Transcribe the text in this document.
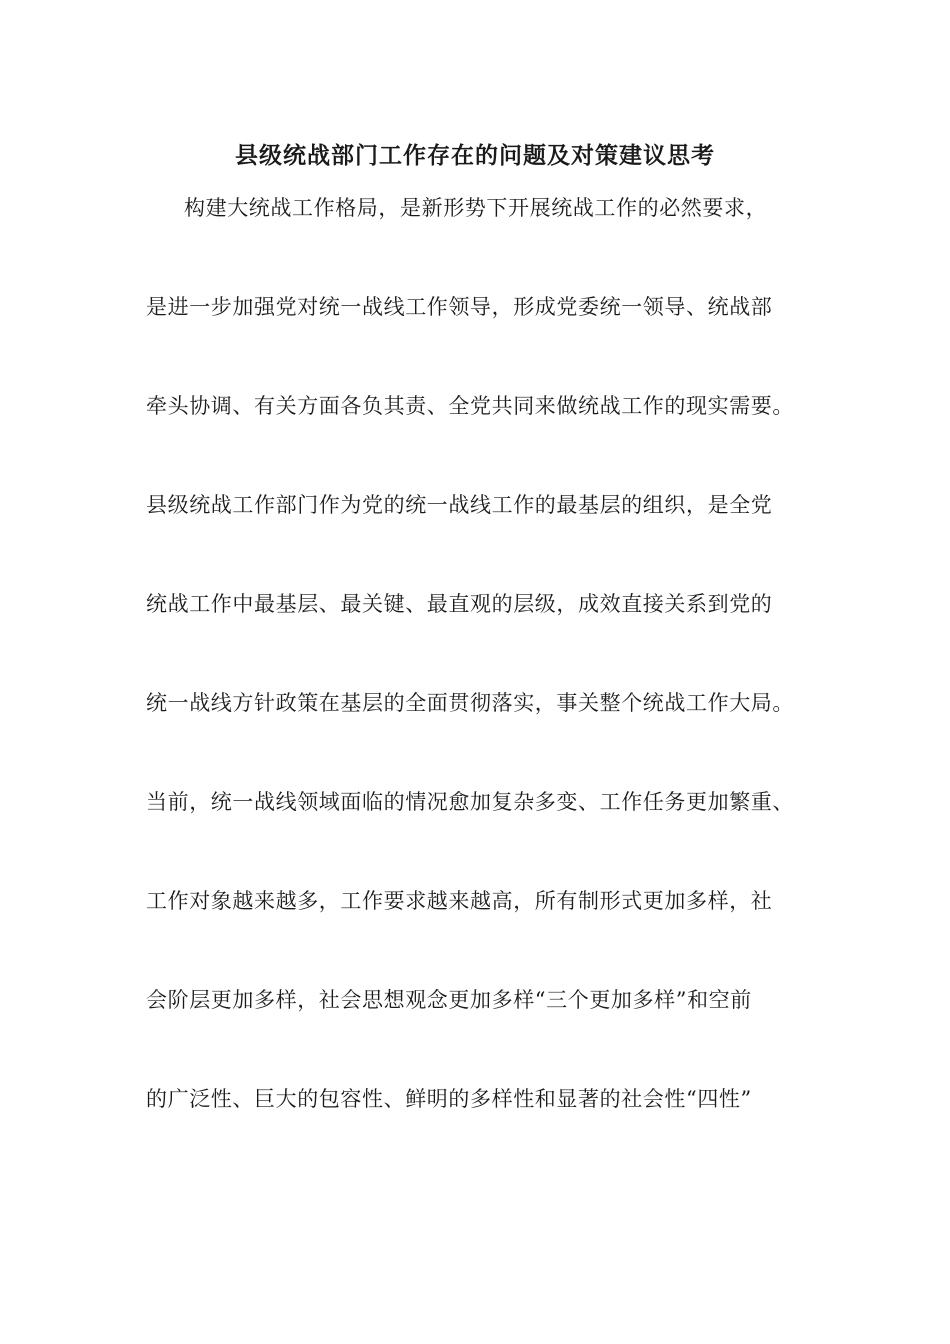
县级统战部门工作存在的问题及对策建议思考
构建大统战工作格局，是新形势下开展统战工作的必然要求，
是进一步加强党对统一战线工作领导，形成党委统一领导、统战部
牵头协调、有关方面各负其责、全党共同来做统战工作的现实需要。
县级统战工作部门作为党的统一战线工作的最基层的组织，是全党
统战工作中最基层、最关键、最直观的层级，成效直接关系到党的
统一战线方针政策在基层的全面贯彻落实，事关整个统战工作大局。
当前，统一战线领域面临的情况愈加复杂多变、工作任务更加繁重、
工作对象越来越多，工作要求越来越高，所有制形式更加多样，社
会阶层更加多样，社会思想观念更加多样“三个更加多样”和空前
的广泛性、巨大的包容性、鲜明的多样性和显著的社会性“四性”
